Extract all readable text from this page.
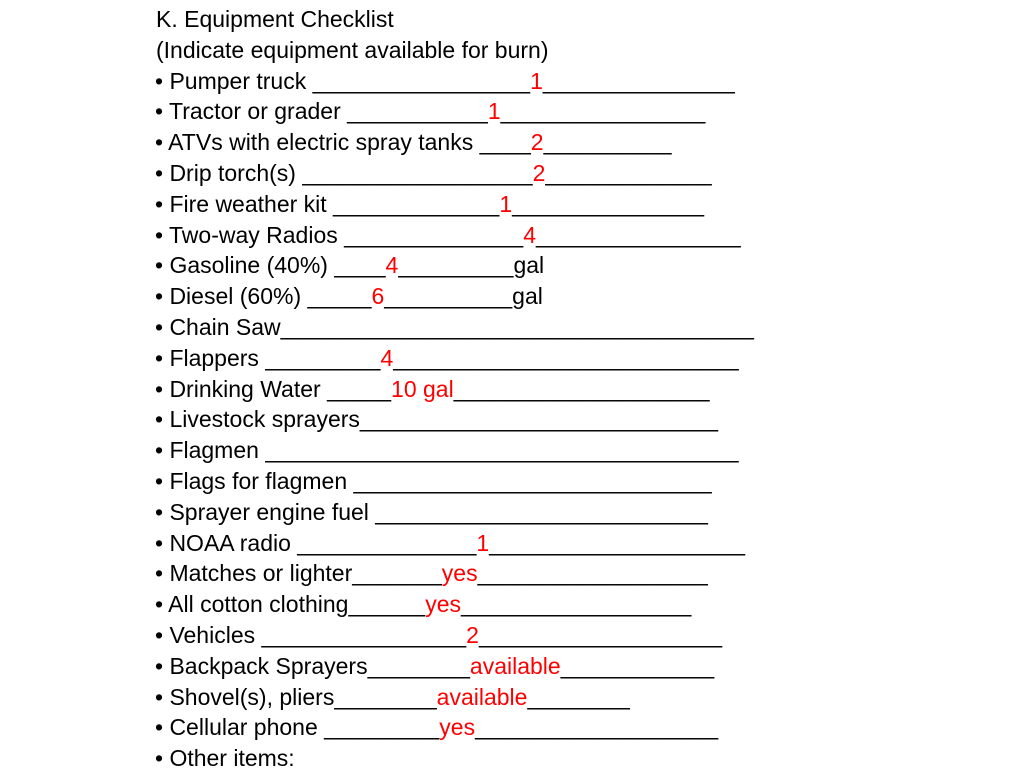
K. Equipment Checklist
(Indicate equipment available for burn)
• Pumper truck _________________1_______________
• Tractor or grader ___________1________________
• ATVs with electric spray tanks ____2__________
• Drip torch(s) __________________2_____________
• Fire weather kit _____________1_______________
• Two-way Radios ______________4________________
• Gasoline (40%) ____4_________gal
• Diesel (60%) _____6__________gal
• Chain Saw_____________________________________
• Flappers _________4___________________________
• Drinking Water _____10 gal____________________
• Livestock sprayers____________________________
• Flagmen _____________________________________
• Flags for flagmen ____________________________
• Sprayer engine fuel __________________________
• NOAA radio ______________1____________________
• Matches or lighter_______yes__________________
• All cotton clothing______yes__________________
• Vehicles ________________2___________________
• Backpack Sprayers________available____________
• Shovel(s), pliers________available________
• Cellular phone _________yes___________________
• Other items:
